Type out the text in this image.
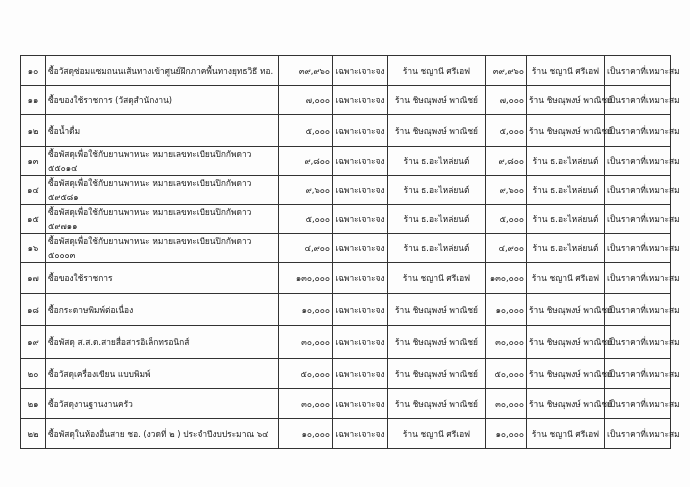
๑๐	ซื้อวัสดุซ่อมแซมถนนเส้นทางเข้าศูนย์ฝึกภาคพื้นทางยุทธวิธี ทอ.	๓๙,๙๖๐	เฉพาะเจาะจง	ร้าน ชญานี ศรีเอฟ	๓๙,๙๖๐	ร้าน ชญานี ศรีเอฟ	เป็นราคาที่เหมาะสม
๑๑	ซื้อของใช้ราชการ (วัสดุสำนักงาน)	๗,๐๐๐	เฉพาะเจาะจง	ร้าน ชิษณุพงษ์ พาณิชย์	๗,๐๐๐	ร้าน ชิษณุพงษ์ พาณิชย์	เป็นราคาที่เหมาะสม
๑๒	ซื้อน้ำดื่ม	๕,๐๐๐	เฉพาะเจาะจง	ร้าน ชิษณุพงษ์ พาณิชย์	๕,๐๐๐	ร้าน ชิษณุพงษ์ พาณิชย์	เป็นราคาที่เหมาะสม
๑๓	ซื้อพัสดุเพื่อใช้กับยานพาหนะ หมายเลขทะเบียนปิกกัพดาว ๕๕๐๑๔	๙,๘๐๐	เฉพาะเจาะจง	ร้าน ธ.อะไหล่ยนต์	๙,๘๐๐	ร้าน ธ.อะไหล่ยนต์	เป็นราคาที่เหมาะสม
๑๔	ซื้อพัสดุเพื่อใช้กับยานพาหนะ หมายเลขทะเบียนปิกกัพดาว ๕๙๕๘๑	๙,๖๐๐	เฉพาะเจาะจง	ร้าน ธ.อะไหล่ยนต์	๙,๖๐๐	ร้าน ธ.อะไหล่ยนต์	เป็นราคาที่เหมาะสม
๑๕	ซื้อพัสดุเพื่อใช้กับยานพาหนะ หมายเลขทะเบียนปิกกัพดาว ๕๙๗๑๑	๕,๐๐๐	เฉพาะเจาะจง	ร้าน ธ.อะไหล่ยนต์	๕,๐๐๐	ร้าน ธ.อะไหล่ยนต์	เป็นราคาที่เหมาะสม
๑๖	ซื้อพัสดุเพื่อใช้กับยานพาหนะ หมายเลขทะเบียนปิกกัพดาว ๕๐๐๐๓	๔,๙๐๐	เฉพาะเจาะจง	ร้าน ธ.อะไหล่ยนต์	๔,๙๐๐	ร้าน ธ.อะไหล่ยนต์	เป็นราคาที่เหมาะสม
๑๗	ซื้อของใช้ราชการ	๑๓๐,๐๐๐	เฉพาะเจาะจง	ร้าน ชญานี ศรีเอฟ	๑๓๐,๐๐๐	ร้าน ชญานี ศรีเอฟ	เป็นราคาที่เหมาะสม
๑๘	ซื้อกระดาษพิมพ์ต่อเนื่อง	๑๐,๐๐๐	เฉพาะเจาะจง	ร้าน ชิษณุพงษ์ พาณิชย์	๑๐,๐๐๐	ร้าน ชิษณุพงษ์ พาณิชย์	เป็นราคาที่เหมาะสม
๑๙	ซื้อพัสดุ ส.ส.ด.สายสื่อสารอิเล็กทรอนิกส์	๓๐,๐๐๐	เฉพาะเจาะจง	ร้าน ชิษณุพงษ์ พาณิชย์	๓๐,๐๐๐	ร้าน ชิษณุพงษ์ พาณิชย์	เป็นราคาที่เหมาะสม
๒๐	ซื้อวัสดุเครื่องเขียน แบบพิมพ์	๕๐,๐๐๐	เฉพาะเจาะจง	ร้าน ชิษณุพงษ์ พาณิชย์	๕๐,๐๐๐	ร้าน ชิษณุพงษ์ พาณิชย์	เป็นราคาที่เหมาะสม
๒๑	ซื้อวัสดุงานฐานงานครัว	๓๐,๐๐๐	เฉพาะเจาะจง	ร้าน ชิษณุพงษ์ พาณิชย์	๓๐,๐๐๐	ร้าน ชิษณุพงษ์ พาณิชย์	เป็นราคาที่เหมาะสม
๒๒	ซื้อพัสดุในห้องอื่นสาย ชอ. (งวดที่ ๒ ) ประจำปีงบประมาณ ๖๔	๑๐,๐๐๐	เฉพาะเจาะจง	ร้าน ชญานี ศรีเอฟ	๑๐,๐๐๐	ร้าน ชญานี ศรีเอฟ	เป็นราคาที่เหมาะสม
